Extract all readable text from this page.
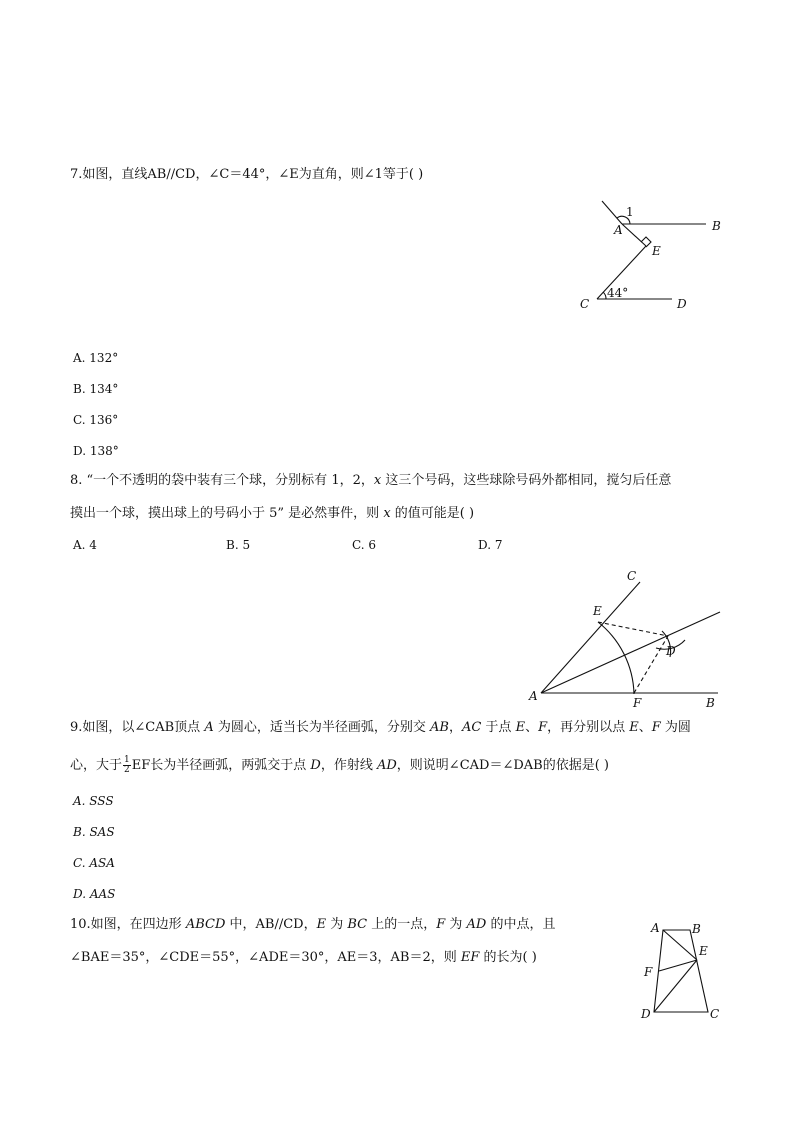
7.如图，直线AB//CD，∠C＝44°，∠E为直角，则∠1等于( )
1
A	B
E
C
44°
D
A. 132°
B. 134°
C. 136°
D. 138°
8. “一个不透明的袋中装有三个球，分别标有 1，2，x 这三个号码，这些球除号码外都相同，搅匀后任意
摸出一个球，摸出球上的号码小于 5” 是必然事件，则 x 的值可能是( )
A. 4	B. 5	C. 6	D. 7
C
E
D
A	F	B
9.如图，以∠CAB顶点 A 为圆心，适当长为半径画弧，分别交 AB，AC 于点 E、F，再分别以点 E、F 为圆
心，大于 $\frac{1}{2}$ EF长为半径画弧，两弧交于点 D，作射线 AD，则说明∠CAD＝∠DAB的依据是( )
A. SSS
B. SAS
C. ASA
D. AAS
10.如图，在四边形 ABCD 中，AB//CD，E 为 BC 上的一点，F 为 AD 的中点，且
∠BAE＝35°，∠CDE＝55°，∠ADE＝30°，AE＝3，AB＝2，则 EF 的长为( )
A	B
E
F
D	C
